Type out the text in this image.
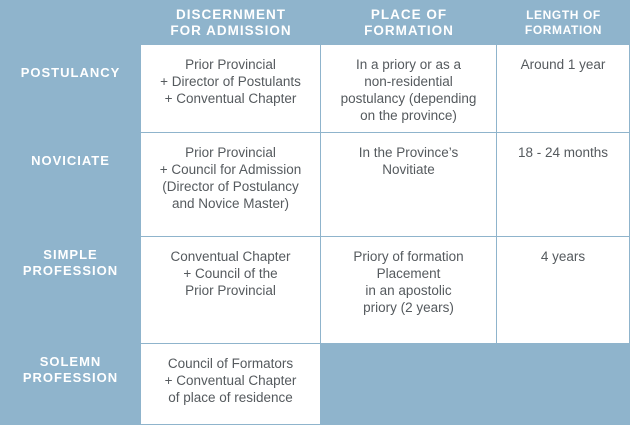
DISCERNMENT
FOR ADMISSION
PLACE OF
FORMATION
LENGTH OF
FORMATION
POSTULANCY
Prior Provincial
+ Director of Postulants
+ Conventual Chapter
In a priory or as a
non-residential
postulancy (depending
on the province)
Around 1 year
NOVICIATE
Prior Provincial
+ Council for Admission
(Director of Postulancy
and Novice Master)
In the Province’s
Novitiate
18 - 24 months
SIMPLE
PROFESSION
Conventual Chapter
+ Council of the
Prior Provincial
Priory of formation
Placement
in an apostolic
priory (2 years)
4 years
SOLEMN
PROFESSION
Council of Formators
+ Conventual Chapter
of place of residence
